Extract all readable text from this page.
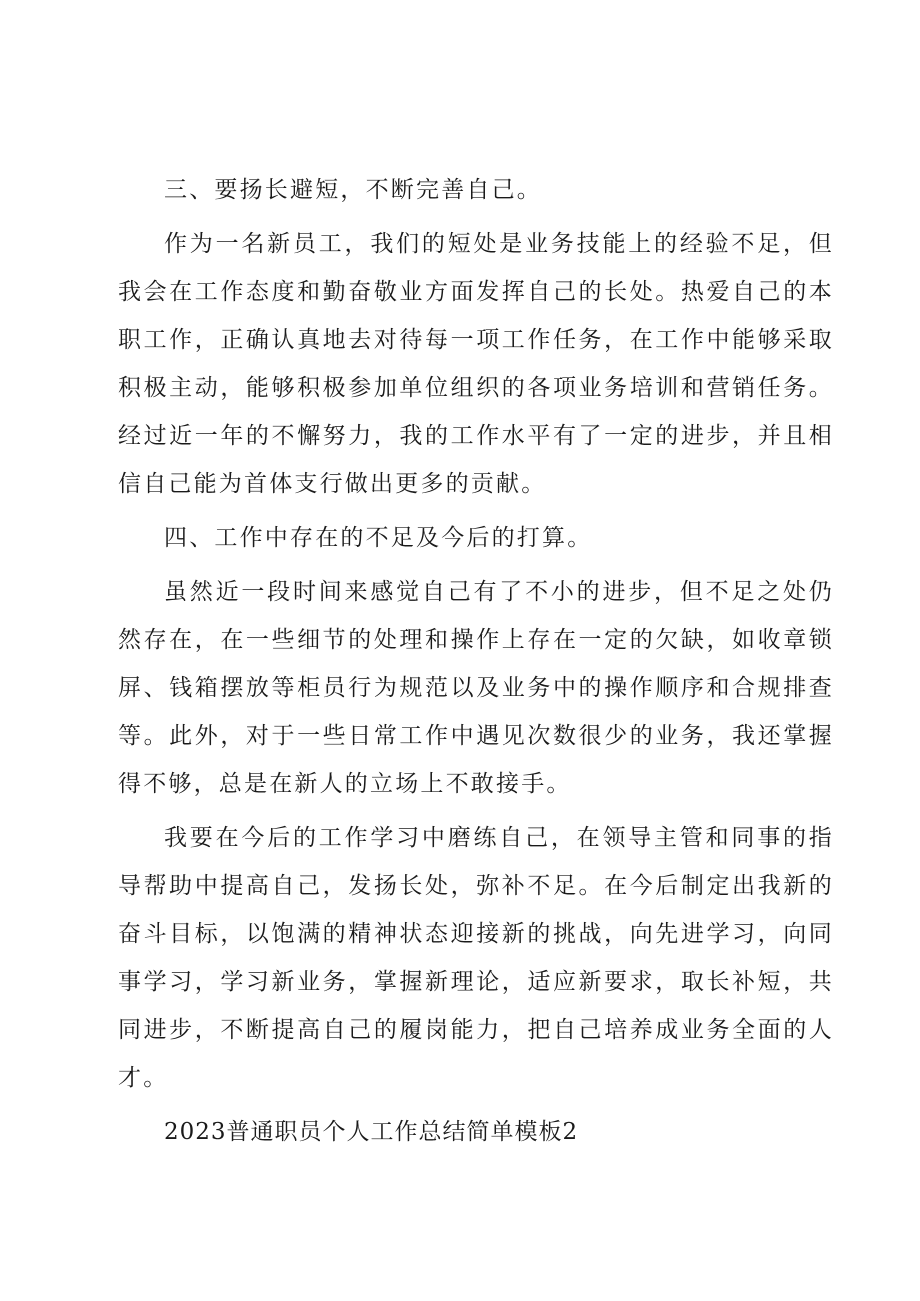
三、要扬长避短，不断完善自己。

作为一名新员工，我们的短处是业务技能上的经验不足，但我会在工作态度和勤奋敬业方面发挥自己的长处。热爱自己的本职工作，正确认真地去对待每一项工作任务，在工作中能够采取积极主动，能够积极参加单位组织的各项业务培训和营销任务。经过近一年的不懈努力，我的工作水平有了一定的进步，并且相信自己能为首体支行做出更多的贡献。

四、工作中存在的不足及今后的打算。

虽然近一段时间来感觉自己有了不小的进步，但不足之处仍然存在，在一些细节的处理和操作上存在一定的欠缺，如收章锁屏、钱箱摆放等柜员行为规范以及业务中的操作顺序和合规排查等。此外，对于一些日常工作中遇见次数很少的业务，我还掌握得不够，总是在新人的立场上不敢接手。

我要在今后的工作学习中磨练自己，在领导主管和同事的指导帮助中提高自己，发扬长处，弥补不足。在今后制定出我新的奋斗目标，以饱满的精神状态迎接新的挑战，向先进学习，向同事学习，学习新业务，掌握新理论，适应新要求，取长补短，共同进步，不断提高自己的履岗能力，把自己培养成业务全面的人才。

2023普通职员个人工作总结简单模板2
